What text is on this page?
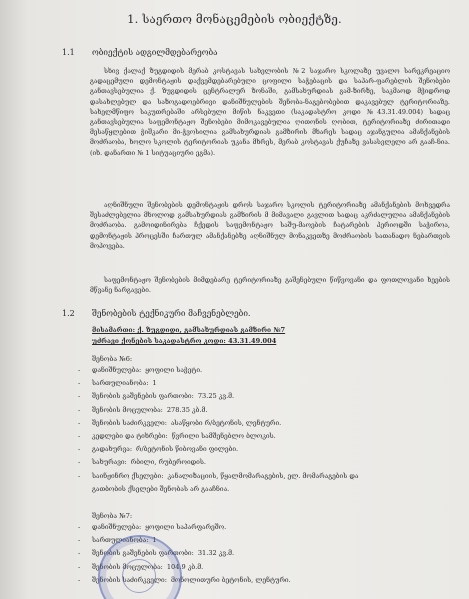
1. საერთო მონაცემების ობიექტზე.
1.1 ობიექტის ადგილმდებარეობა

სხივ ქალაქ ზუგდიდის მერაბ კოსტავას სახელობის №2 საჯარო სკოლაზე უვალო სარეკრეაციო გადაცემული დემონტაჟის დაქვემდებარებული ცოფილი საჭებაცის და საპარ-ფარებლის შენობები განთავსებულია ქ. ზუგდიდის ცენტრალურ ზონაში, გამსახურდიას გამ-ზირზე, საკმაოდ მჭიდროდ დასახლებულ და საზოგადოებრივი დანიშნულების შენობა-ნაგებობებით დაკავებულ ტერიტორიაზე. სახელმწიფო საკუთრებაში არსებული მიწის ნაკვეთი (საკადასტრო კოდი №43.31.49.004) სადაც განთავსებულია საფემონტაჟო შენობები მიმოკავებულია ღითონის ღობით, ტერიტორიაზე ძირითადი მესაწყლებით ჭიშკარი მი-ჭვოსილია გამსახურდიას გამზირის მხარეს სადაც აჯანგულია ამანქანების მოძრაობა, ხოლო სკოლის ტერიტორიას უკანა მხრეს, მერაბ კოსტავას ქუჩაზე ვასასვლელი არ გააჩ-ნია. (იხ. დანართი № 1 სიტუაციური ეგმა).

აღნიშნული შენობების დემონტაჟის დროს საჯარო სკოლის ტერიტორიაზე ამანქანების მოხვედრა შესაძლებელია მხოლოდ გამსახურდიას გამზირის მ მიმავალი გავლით სადაც აკრძალულია ამანქანების მოძრაობა. გამოიდინირება ჩქედის საფემონტაჟო საშუ-მაოების ჩატარების პერიოდში საჭიროა, დემონტაჟის პროცესში ჩართულ ამანქანებზე აღნიშნულ მონაკვეთზე მოძრაობის სათანადო ნებართვის მოპოვება.

საფემონტაჟო შენობების მიმდებარე ტერიტორიაზე გაშენებული წიწვოვანი და ფოთლოვანი ხეების მწვანე ნარგავები.

1.2 შენობების ტექნიკური მაჩვენებლები.
მისამართი: ქ. ზუგდიდი, გამსახურდიას გამზირი №7
უძრავი ქონების საკადასტრო კოდი: 43.31.49.004
შენობა №6:
- დანიშნულება: ყოფილი საჭეტი.
- სართულიანობა: 1
- შენობის გაშენების ფართობი: 73.25 კვ.მ.
- შენობის მოცულობა: 278.35 კბ.მ.
- შენობის საძირკველი: ასაწყობი რ/ბეტონის, ლენტური.
- კედლები და ტიხრები: წვრილი სამშენებლო ბლოკის.
- გადახურვა: რ/ბეტონის წიბოვანი ფილები.
- სახურავი: რბილი, რუბეროიდის.
- საინჟინრო ქსელები: კანალიზაციის, წყალმომარაგების, ელ. მომარაგების და
გათბობის ქსელები შენობას არ გააჩნია.
შენობა №7:
- დანიშნულება: ყოფილი საპარფარეშო.
- სართულიანობა: 1
- შენობის გაშენების ფართობი: 31.32 კვ.მ.
- შენობის მოცულობა: 104.9 კბ.მ.
- შენობის საძირკველი: მონოლითური ბეტონის, ლენტური.
